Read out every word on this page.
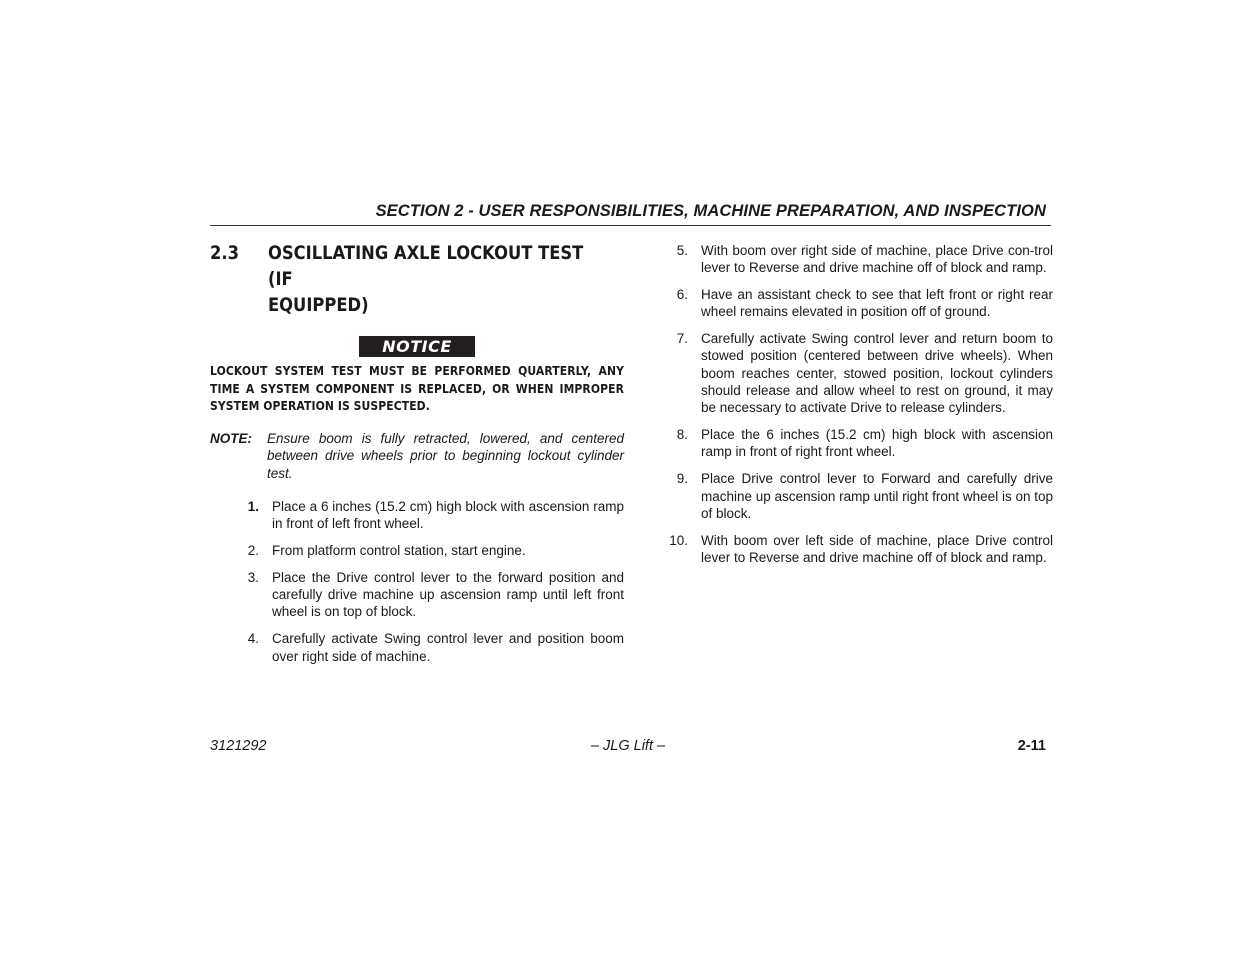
SECTION 2 - USER RESPONSIBILITIES, MACHINE PREPARATION, AND INSPECTION
2.3	OSCILLATING AXLE LOCKOUT TEST (IF
EQUIPPED)
NOTICE
LOCKOUT SYSTEM TEST MUST BE PERFORMED QUARTERLY, ANY TIME A SYSTEM COMPONENT IS REPLACED, OR WHEN IMPROPER SYSTEM OPERATION IS SUSPECTED.
NOTE:	Ensure boom is fully retracted, lowered, and centered between drive wheels prior to beginning lockout cylinder test.
1. Place a 6 inches (15.2 cm) high block with ascension ramp in front of left front wheel.
2. From platform control station, start engine.
3. Place the Drive control lever to the forward position and carefully drive machine up ascension ramp until left front wheel is on top of block.
4. Carefully activate Swing control lever and position boom over right side of machine.
5. With boom over right side of machine, place Drive con-trol lever to Reverse and drive machine off of block and ramp.
6. Have an assistant check to see that left front or right rear wheel remains elevated in position off of ground.
7. Carefully activate Swing control lever and return boom to stowed position (centered between drive wheels). When boom reaches center, stowed position, lockout cylinders should release and allow wheel to rest on ground, it may be necessary to activate Drive to release cylinders.
8. Place the 6 inches (15.2 cm) high block with ascension ramp in front of right front wheel.
9. Place Drive control lever to Forward and carefully drive machine up ascension ramp until right front wheel is on top of block.
10. With boom over left side of machine, place Drive control lever to Reverse and drive machine off of block and ramp.
3121292	– JLG Lift –	2-11
